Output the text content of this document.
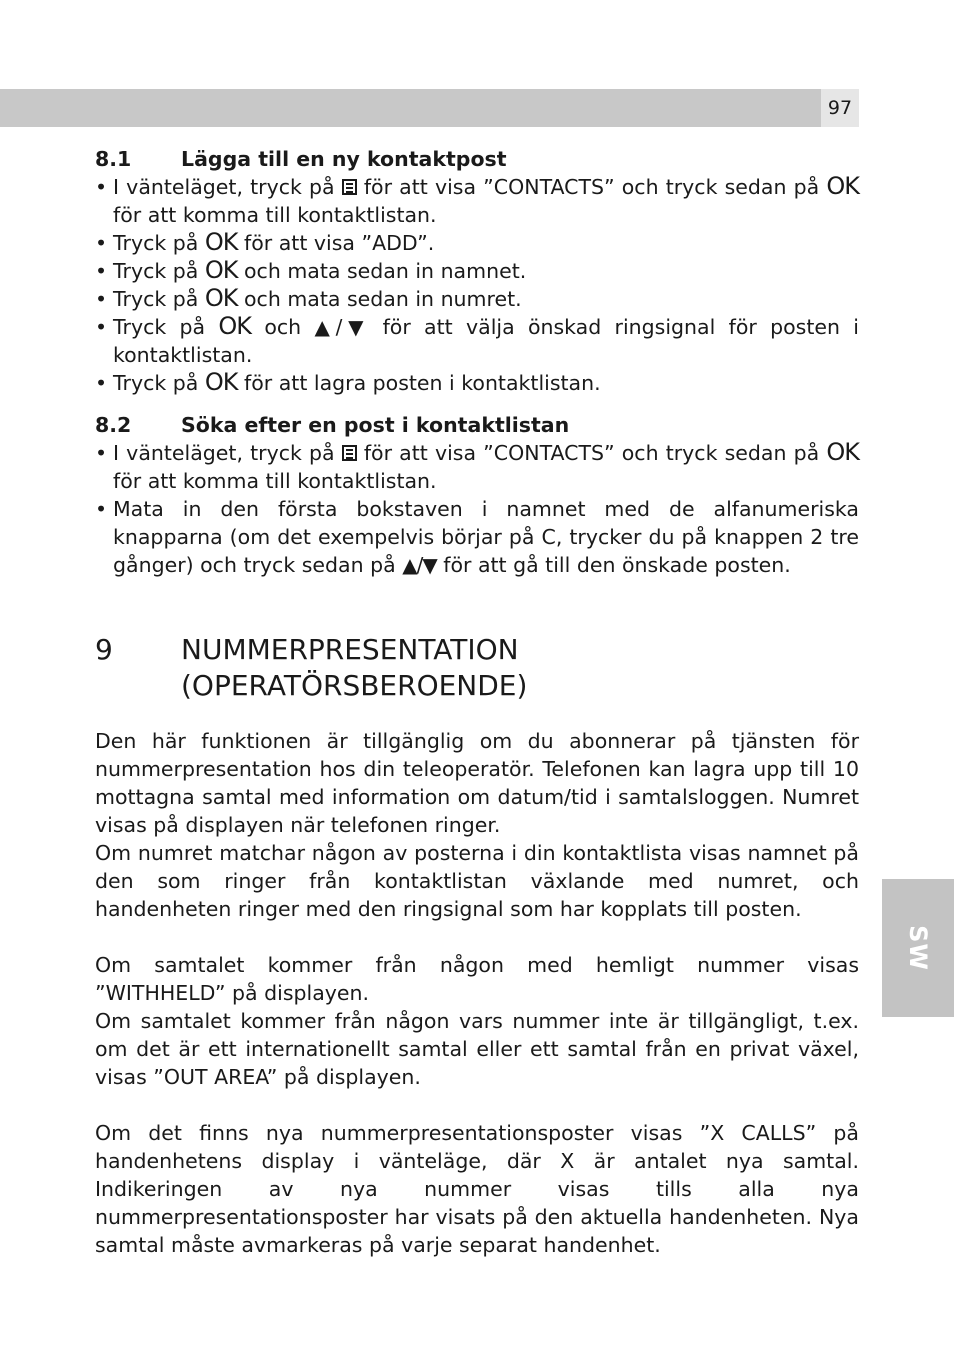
97
SW
8.1	Lägga till en ny kontaktpost
• I vänteläget, tryck på för att visa ”CONTACTS” och tryck sedan på OK för att komma till kontaktlistan.
• Tryck på OK för att visa ”ADD”.
• Tryck på OK och mata sedan in namnet.
• Tryck på OK och mata sedan in numret.
• Tryck på OK och ▲/▼ för att välja önskad ringsignal för posten i kontaktlistan.
• Tryck på OK för att lagra posten i kontaktlistan.
8.2	Söka efter en post i kontaktlistan
• I vänteläget, tryck på för att visa ”CONTACTS” och tryck sedan på OK för att komma till kontaktlistan.
• Mata in den första bokstaven i namnet med de alfanumeriska knapparna (om det exempelvis börjar på C, trycker du på knappen 2 tre gånger) och tryck sedan på ▲/▼ för att gå till den önskade posten.
9	NUMMERPRESENTATION
(OPERATÖRSBEROENDE)

Den här funktionen är tillgänglig om du abonnerar på tjänsten för nummerpresentation hos din teleoperatör. Telefonen kan lagra upp till 10 mottagna samtal med information om datum/tid i samtalsloggen. Numret visas på displayen när telefonen ringer.

Om numret matchar någon av posterna i din kontaktlista visas namnet på den som ringer från kontaktlistan växlande med numret, och handenheten ringer med den ringsignal som har kopplats till posten.

Om samtalet kommer från någon med hemligt nummer visas ”WITHHELD” på displayen.

Om samtalet kommer från någon vars nummer inte är tillgängligt, t.ex. om det är ett internationellt samtal eller ett samtal från en privat växel, visas ”OUT AREA” på displayen.

Om det finns nya nummerpresentationsposter visas ”X CALLS” på handenhetens display i vänteläge, där X är antalet nya samtal. Indikeringen av nya nummer visas tills alla nya nummerpresentationsposter har visats på den aktuella handenheten. Nya samtal måste avmarkeras på varje separat handenhet.
